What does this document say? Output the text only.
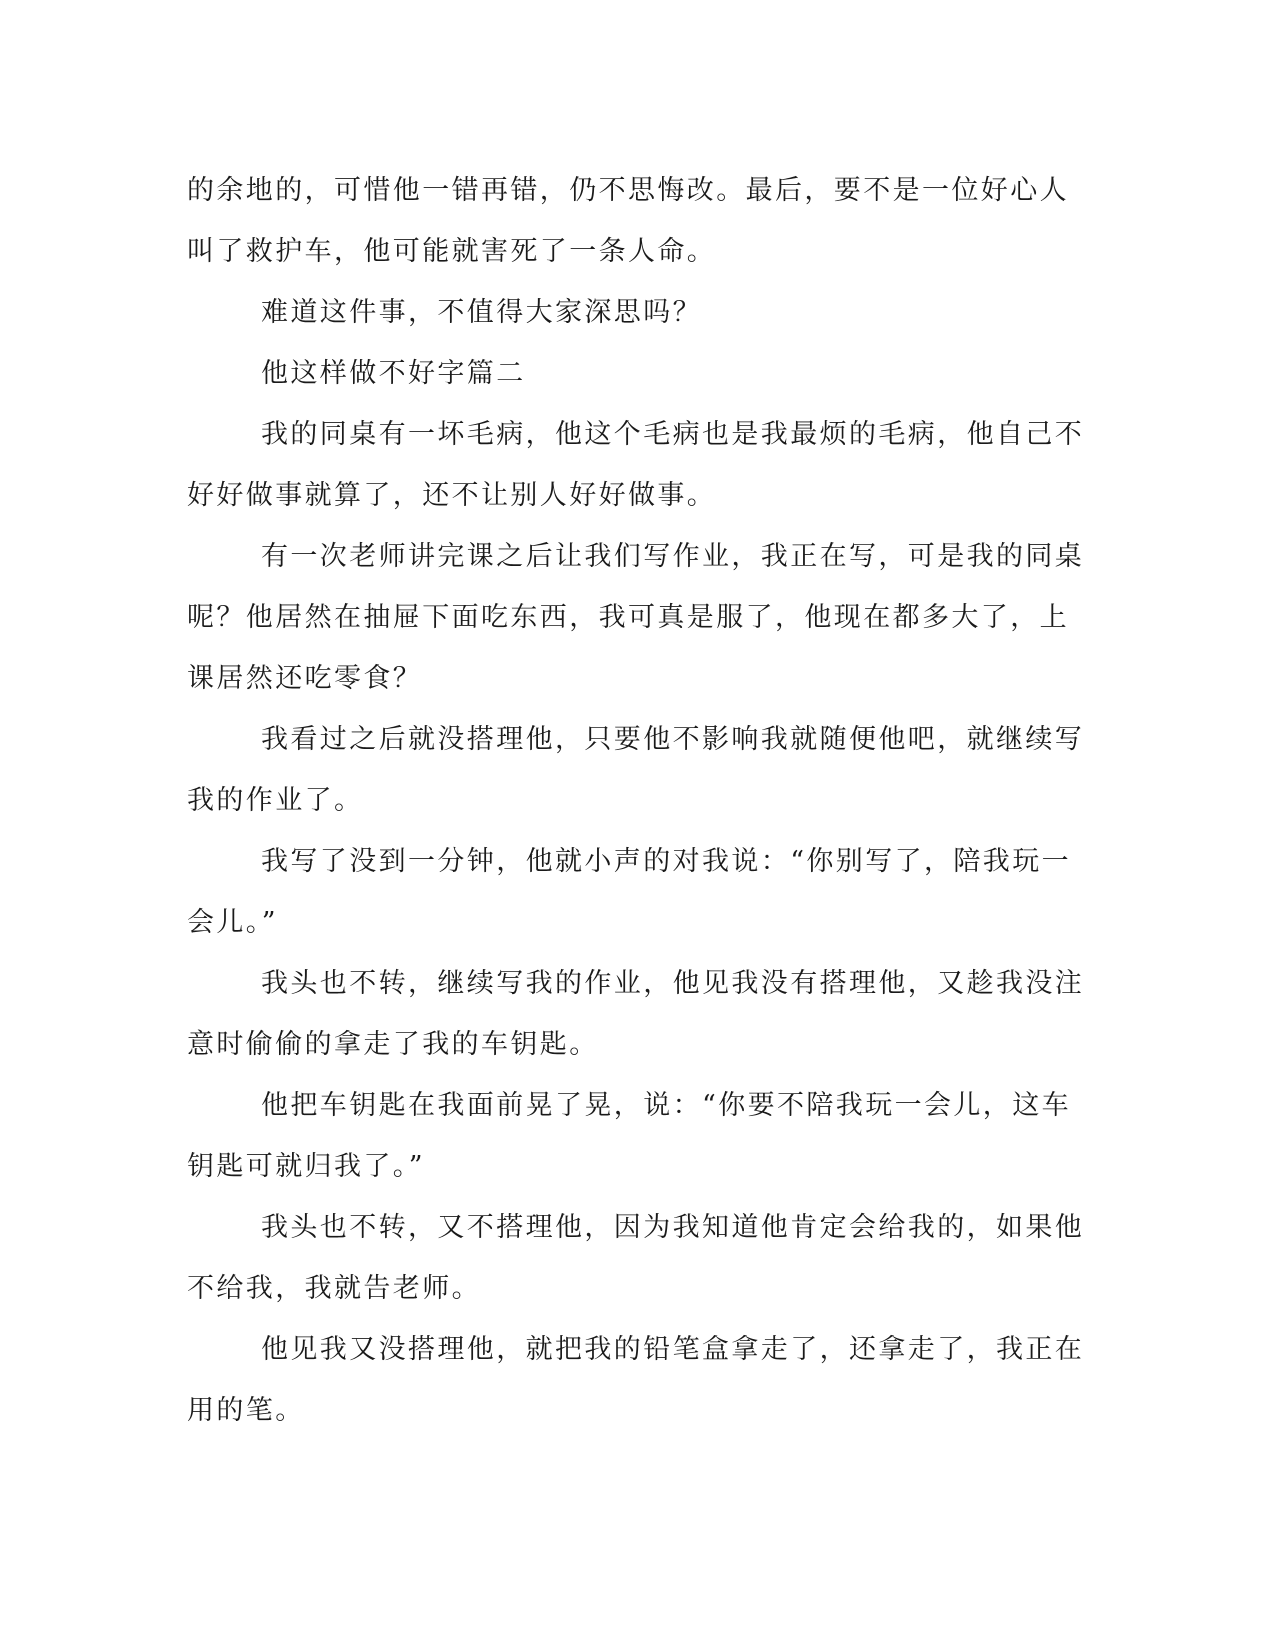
的余地的，可惜他一错再错，仍不思悔改。最后，要不是一位好心人
叫了救护车，他可能就害死了一条人命。

难道这件事，不值得大家深思吗？

他这样做不好字篇二

我的同桌有一坏毛病，他这个毛病也是我最烦的毛病，他自己不
好好做事就算了，还不让别人好好做事。

有一次老师讲完课之后让我们写作业，我正在写，可是我的同桌
呢？他居然在抽屉下面吃东西，我可真是服了，他现在都多大了，上
课居然还吃零食？

我看过之后就没搭理他，只要他不影响我就随便他吧，就继续写
我的作业了。

我写了没到一分钟，他就小声的对我说：“你别写了，陪我玩一
会儿。”

我头也不转，继续写我的作业，他见我没有搭理他，又趁我没注
意时偷偷的拿走了我的车钥匙。

他把车钥匙在我面前晃了晃，说：“你要不陪我玩一会儿，这车
钥匙可就归我了。”

我头也不转，又不搭理他，因为我知道他肯定会给我的，如果他
不给我，我就告老师。

他见我又没搭理他，就把我的铅笔盒拿走了，还拿走了，我正在
用的笔。
